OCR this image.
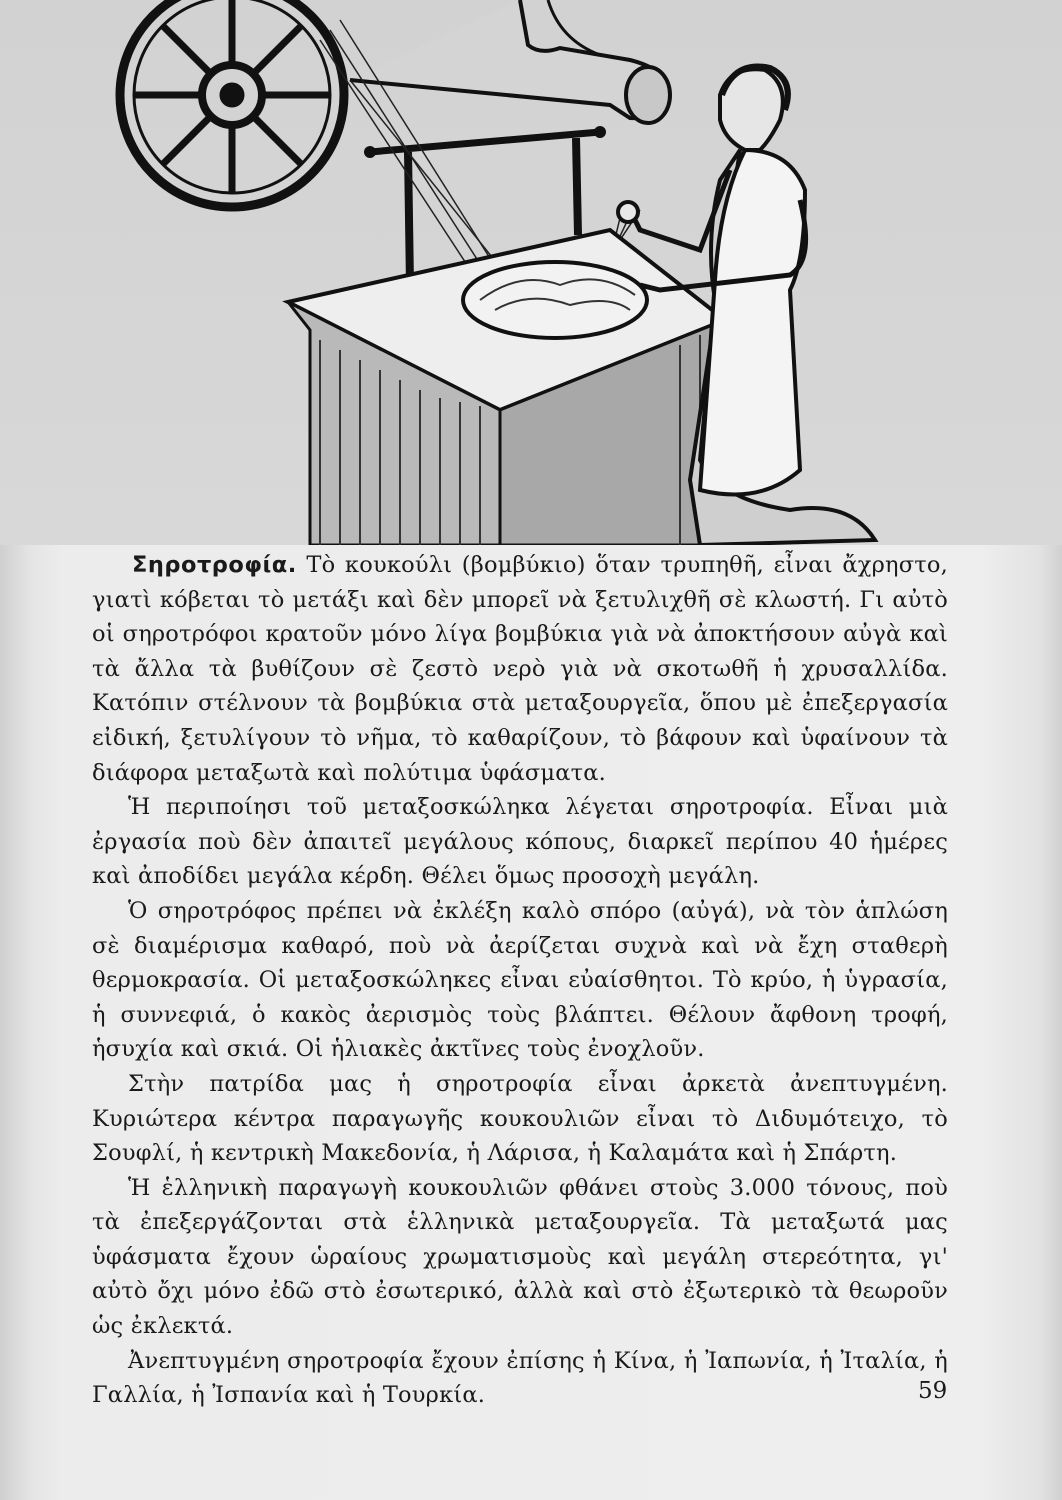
Σηροτροφία. Τὸ κουκούλι (βομβύκιο) ὅταν τρυπηθῆ, εἶναι ἄχρηστο, γιατὶ κόβεται τὸ μετάξι καὶ δὲν μπορεῖ νὰ ξετυλιχθῆ σὲ κλωστή. Γι αὐτὸ οἱ σηροτρόφοι κρατοῦν μόνο λίγα βομβύκια γιὰ νὰ ἀποκτήσουν αὐγὰ καὶ τὰ ἄλλα τὰ βυθίζουν σὲ ζεστὸ νερὸ γιὰ νὰ σκοτωθῆ ἡ χρυσαλλίδα. Κατόπιν στέλνουν τὰ βομβύκια στὰ μεταξουργεῖα, ὅπου μὲ ἐπεξεργασία εἰδική, ξετυλίγουν τὸ νῆμα, τὸ καθαρίζουν, τὸ βάφουν καὶ ὑφαίνουν τὰ διάφορα μεταξωτὰ καὶ πολύτιμα ὑφάσματα.

Ἡ περιποίησι τοῦ μεταξοσκώληκα λέγεται σηροτροφία. Εἶναι μιὰ ἐργασία ποὺ δὲν ἀπαιτεῖ μεγάλους κόπους, διαρκεῖ περίπου 40 ἡμέρες καὶ ἀποδίδει μεγάλα κέρδη. Θέλει ὅμως προσοχὴ μεγάλη.

Ὁ σηροτρόφος πρέπει νὰ ἐκλέξη καλὸ σπόρο (αὐγά), νὰ τὸν ἁπλώση σὲ διαμέρισμα καθαρό, ποὺ νὰ ἀερίζεται συχνὰ καὶ νὰ ἔχη σταθερὴ θερμοκρασία. Οἱ μεταξοσκώληκες εἶναι εὐαίσθητοι. Τὸ κρύο, ἡ ὑγρασία, ἡ συννεφιά, ὁ κακὸς ἀερισμὸς τοὺς βλάπτει. Θέλουν ἄφθονη τροφή, ἡσυχία καὶ σκιά. Οἱ ἡλιακὲς ἀκτῖνες τοὺς ἐνοχλοῦν.

Στὴν πατρίδα μας ἡ σηροτροφία εἶναι ἀρκετὰ ἀνεπτυγμένη. Κυριώτερα κέντρα παραγωγῆς κουκουλιῶν εἶναι τὸ Διδυμότειχο, τὸ Σουφλί, ἡ κεντρικὴ Μακεδονία, ἡ Λάρισα, ἡ Καλαμάτα καὶ ἡ Σπάρτη.

Ἡ ἑλληνικὴ παραγωγὴ κουκουλιῶν φθάνει στοὺς 3.000 τόνους, ποὺ τὰ ἐπεξεργάζονται στὰ ἑλληνικὰ μεταξουργεῖα. Τὰ μεταξωτά μας ὑφάσματα ἔχουν ὡραίους χρωματισμοὺς καὶ μεγάλη στερεότητα, γι' αὐτὸ ὄχι μόνο ἐδῶ στὸ ἐσωτερικό, ἀλλὰ καὶ στὸ ἐξωτερικὸ τὰ θεωροῦν ὡς ἐκλεκτά.

Ἀνεπτυγμένη σηροτροφία ἔχουν ἐπίσης ἡ Κίνα, ἡ Ἰαπωνία, ἡ Ἰταλία, ἡ Γαλλία, ἡ Ἰσπανία καὶ ἡ Τουρκία.	59
